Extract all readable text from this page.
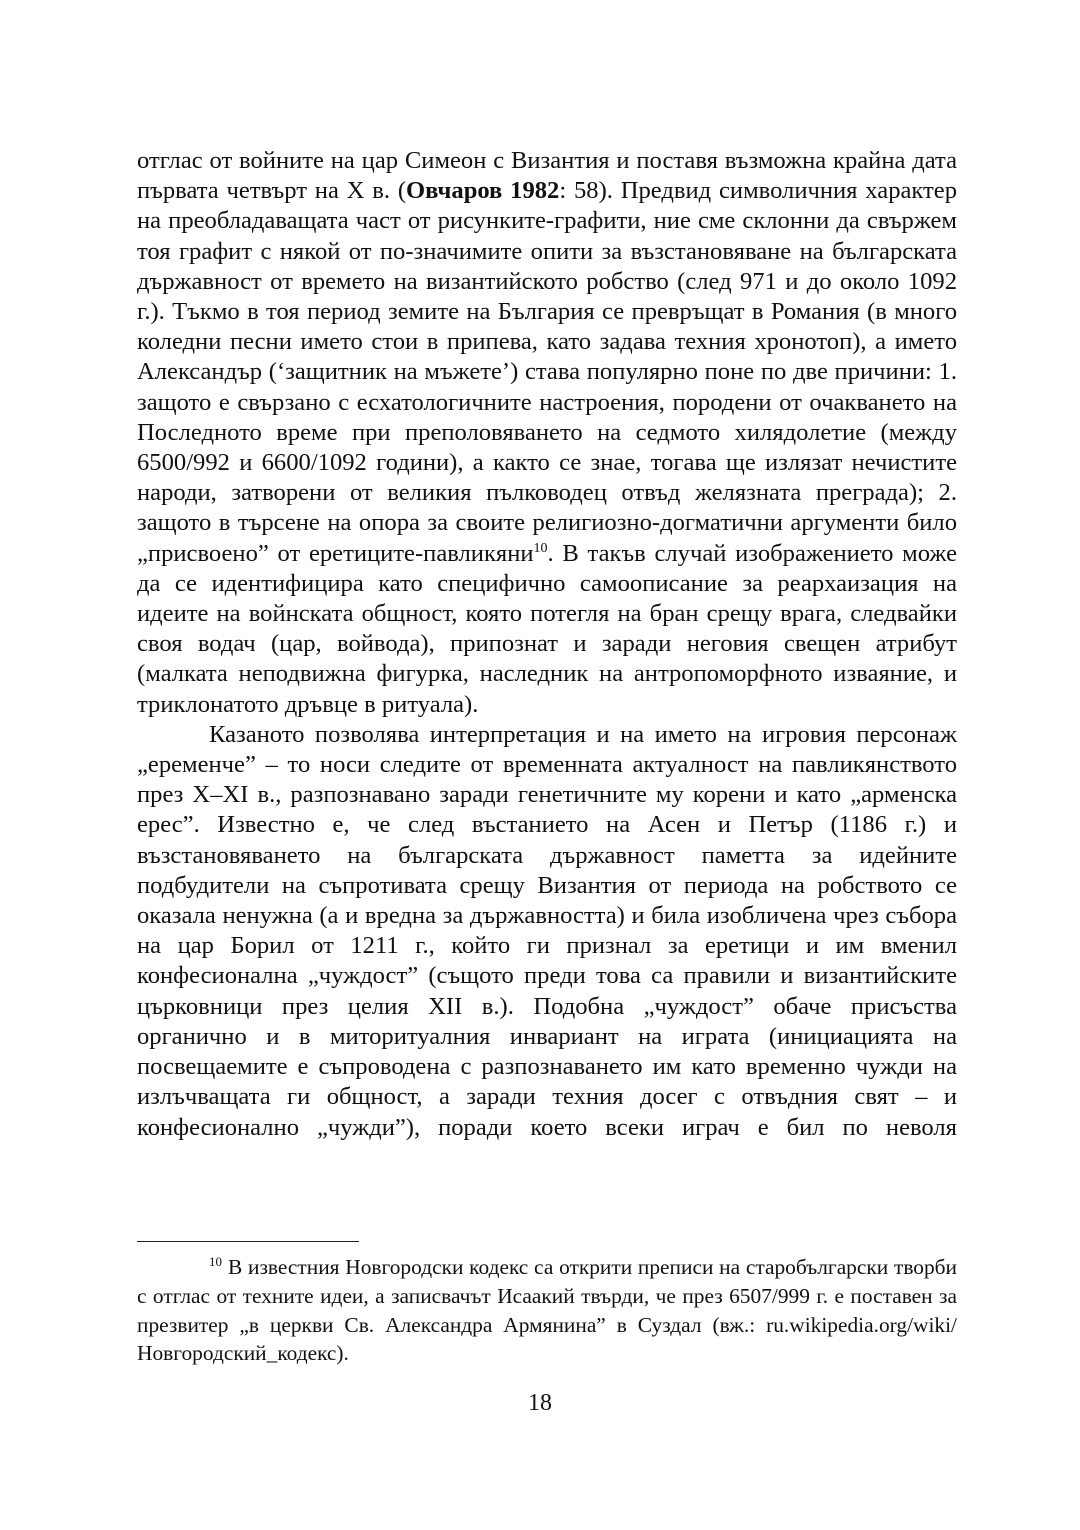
отглас от войните на цар Симеон с Византия и поставя възможна крайна дата първата четвърт на Х в. (Овчаров 1982: 58). Предвид символичния характер на преобладаващата част от рисунките-графити, ние сме склонни да свържем тоя графит с някой от по-значимите опити за възстановяване на българската държавност от времето на византийското робство (след 971 и до около 1092 г.). Тъкмо в тоя период земите на България се превръщат в Романия (в много коледни песни името стои в припева, като задава техния хронотоп), а името Александър (‘защитник на мъжете’) става популярно поне по две причини: 1. защото е свързано с есхатологичните настроения, породени от очакването на Последното време при преполовяването на седмото хилядолетие (между 6500/992 и 6600/1092 години), а както се знае, тогава ще излязат нечистите народи, затворени от великия пълководец отвъд желязната преграда); 2. защото в търсене на опора за своите религиозно-догматични аргументи било „присвоено” от еретиците-павликяни$^{10}$. В такъв случай изображението може да се идентифицира като специфично самоописание за реархаизация на идеите на войнската общност, която потегля на бран срещу врага, следвайки своя водач (цар, войвода), припознат и заради неговия свещен атрибут (малката неподвижна фигурка, наследник на антропоморфното изваяние, и триклонатото дръвце в ритуала).

Казаното позволява интерпретация и на името на игровия персонаж „еременче” – то носи следите от временната актуалност на павликянството през Х–ХІ в., разпознавано заради генетичните му корени и като „арменска ерес”. Известно е, че след въстанието на Асен и Петър (1186 г.) и възстановяването на българската държавност паметта за идейните подбудители на съпротивата срещу Византия от периода на робството се оказала ненужна (а и вредна за държавността) и била изобличена чрез събора на цар Борил от 1211 г., който ги признал за еретици и им вменил конфесионална „чуждост” (същото преди това са правили и византийските църковници през целия ХІІ в.). Подобна „чуждост” обаче присъства органично и в миторитуалния инвариант на играта (инициацията на посвещаемите е съпроводена с разпознаването им като временно чужди на излъчващата ги общност, а заради техния досег с отвъдния свят – и конфесионално „чужди”), поради което всеки играч е бил по неволя

$^{10}$ В известния Новгородски кодекс са открити преписи на старобългарски творби с отглас от техните идеи, а записвачът Исаакий твърди, че през 6507/999 г. е поставен за презвитер „в церкви Св. Александра Армянина” в Суздал (вж.: ru.wikipedia.org/wiki/Новгородский_кодекс).

18
